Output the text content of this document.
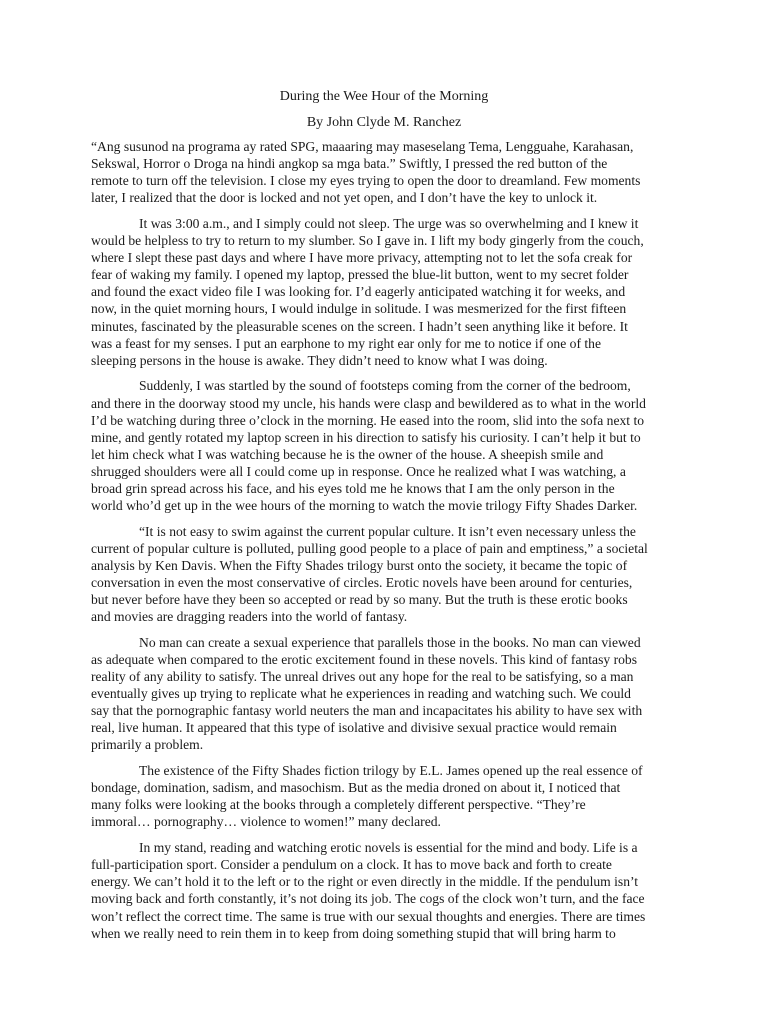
During the Wee Hour of the Morning
By John Clyde M. Ranchez
“Ang susunod na programa ay rated SPG, maaaring may maseselang Tema, Lengguahe, Karahasan,
Sekswal, Horror o Droga na hindi angkop sa mga bata.” Swiftly, I pressed the red button of the
remote to turn off the television. I close my eyes trying to open the door to dreamland. Few moments
later, I realized that the door is locked and not yet open, and I don’t have the key to unlock it.
It was 3:00 a.m., and I simply could not sleep. The urge was so overwhelming and I knew it
would be helpless to try to return to my slumber. So I gave in. I lift my body gingerly from the couch,
where I slept these past days and where I have more privacy, attempting not to let the sofa creak for
fear of waking my family. I opened my laptop, pressed the blue-lit button, went to my secret folder
and found the exact video file I was looking for. I’d eagerly anticipated watching it for weeks, and
now, in the quiet morning hours, I would indulge in solitude. I was mesmerized for the first fifteen
minutes, fascinated by the pleasurable scenes on the screen. I hadn’t seen anything like it before. It
was a feast for my senses. I put an earphone to my right ear only for me to notice if one of the
sleeping persons in the house is awake. They didn’t need to know what I was doing.
Suddenly, I was startled by the sound of footsteps coming from the corner of the bedroom,
and there in the doorway stood my uncle, his hands were clasp and bewildered as to what in the world
I’d be watching during three o’clock in the morning. He eased into the room, slid into the sofa next to
mine, and gently rotated my laptop screen in his direction to satisfy his curiosity. I can’t help it but to
let him check what I was watching because he is the owner of the house. A sheepish smile and
shrugged shoulders were all I could come up in response. Once he realized what I was watching, a
broad grin spread across his face, and his eyes told me he knows that I am the only person in the
world who’d get up in the wee hours of the morning to watch the movie trilogy Fifty Shades Darker.
“It is not easy to swim against the current popular culture. It isn’t even necessary unless the
current of popular culture is polluted, pulling good people to a place of pain and emptiness,” a societal
analysis by Ken Davis. When the Fifty Shades trilogy burst onto the society, it became the topic of
conversation in even the most conservative of circles. Erotic novels have been around for centuries,
but never before have they been so accepted or read by so many. But the truth is these erotic books
and movies are dragging readers into the world of fantasy.
No man can create a sexual experience that parallels those in the books. No man can viewed
as adequate when compared to the erotic excitement found in these novels. This kind of fantasy robs
reality of any ability to satisfy. The unreal drives out any hope for the real to be satisfying, so a man
eventually gives up trying to replicate what he experiences in reading and watching such. We could
say that the pornographic fantasy world neuters the man and incapacitates his ability to have sex with
real, live human. It appeared that this type of isolative and divisive sexual practice would remain
primarily a problem.
The existence of the Fifty Shades fiction trilogy by E.L. James opened up the real essence of
bondage, domination, sadism, and masochism. But as the media droned on about it, I noticed that
many folks were looking at the books through a completely different perspective. “They’re
immoral… pornography… violence to women!” many declared.
In my stand, reading and watching erotic novels is essential for the mind and body. Life is a
full-participation sport. Consider a pendulum on a clock. It has to move back and forth to create
energy. We can’t hold it to the left or to the right or even directly in the middle. If the pendulum isn’t
moving back and forth constantly, it’s not doing its job. The cogs of the clock won’t turn, and the face
won’t reflect the correct time. The same is true with our sexual thoughts and energies. There are times
when we really need to rein them in to keep from doing something stupid that will bring harm to
